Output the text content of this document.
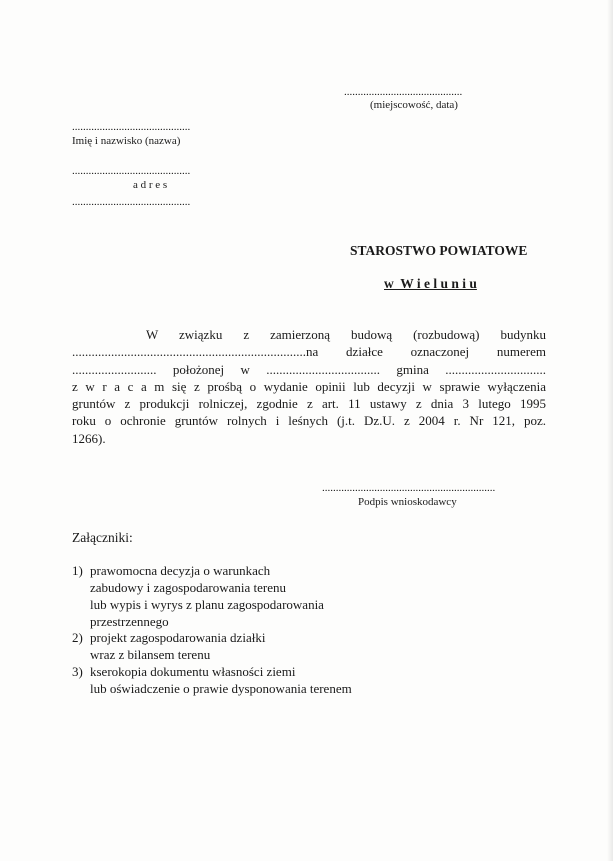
...........................................
(miejscowość, data)
...........................................
Imię i nazwisko (nazwa)
...........................................
a d r e s
...........................................
STAROSTWO POWIATOWE
w  W i e l u n i u
W związku z zamierzoną budową (rozbudową) budynku
........................................................................na działce oznaczonej numerem
.......................... położonej w ................................... gmina ...............................
z w r a c a m się z prośbą o wydanie opinii lub decyzji w sprawie wyłączenia
gruntów z produkcji rolniczej, zgodnie z art. 11 ustawy z dnia 3 lutego 1995
roku o ochronie gruntów rolnych i leśnych (j.t. Dz.U. z 2004 r. Nr 121, poz.
1266).
...............................................................
Podpis wnioskodawcy
Załączniki:
1) prawomocna decyzja o warunkach
zabudowy i zagospodarowania terenu
lub wypis i wyrys z planu zagospodarowania
przestrzennego
2) projekt zagospodarowania działki
wraz z bilansem terenu
3) kserokopia dokumentu własności ziemi
lub oświadczenie o prawie dysponowania terenem
